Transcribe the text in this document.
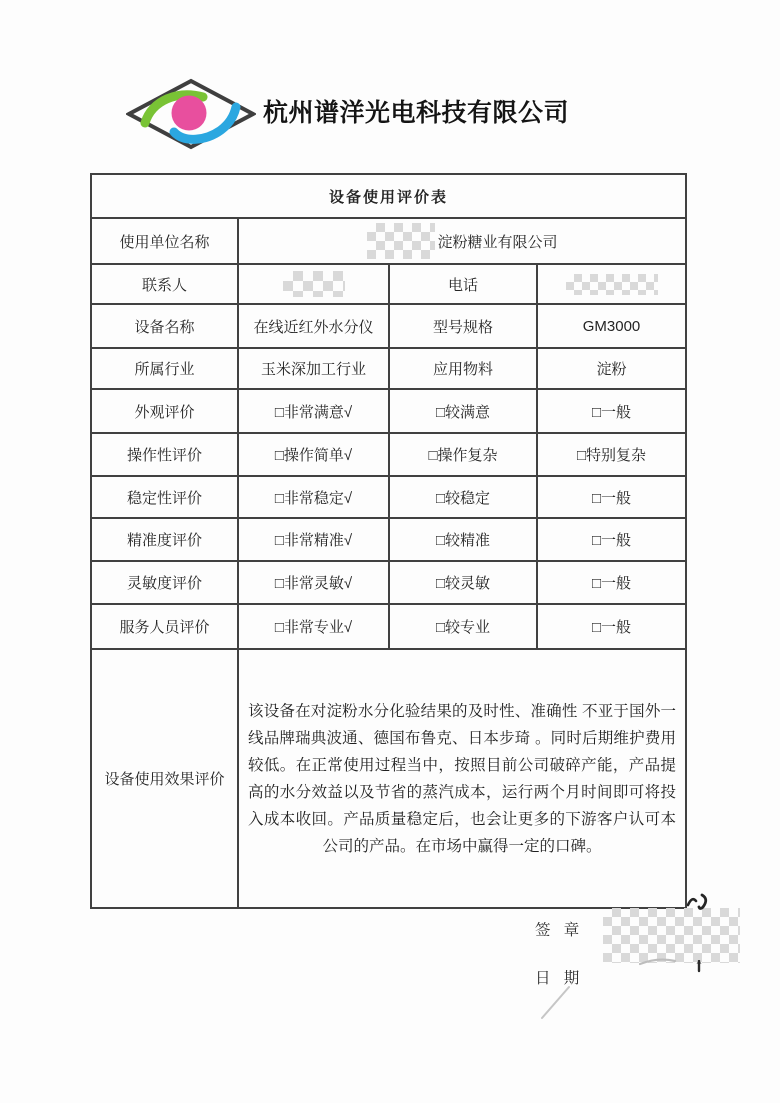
杭州谱洋光电科技有限公司
设备使用评价表			
使用单位名称	淀粉糖业有限公司		

联系人		电话	
设备名称	在线近红外水分仪	型号规格	GM3000
所属行业	玉米深加工行业	应用物料	淀粉
外观评价	□非常满意√	□较满意	□一般
操作性评价	□操作简单√	□操作复杂	□特别复杂
稳定性评价	□非常稳定√	□较稳定	□一般
精准度评价	□非常精准√	□较精准	□一般
灵敏度评价	□非常灵敏√	□较灵敏	□一般
服务人员评价	□非常专业√	□较专业	□一般
设备使用效果评价	该设备在对淀粉水分化验结果的及时性、准确性 不亚于国外一线品牌瑞典波通、德国布鲁克、日本步琦 。同时后期维护费用较低。在正常使用过程当中，按照目前公司破碎产能，产品提高的水分效益以及节省的蒸汽成本，运行两个月时间即可将投入成本收回。产品质量稳定后，也会让更多的下游客户认可本公司的产品。在市场中赢得一定的口碑。		
签 章
日 期
